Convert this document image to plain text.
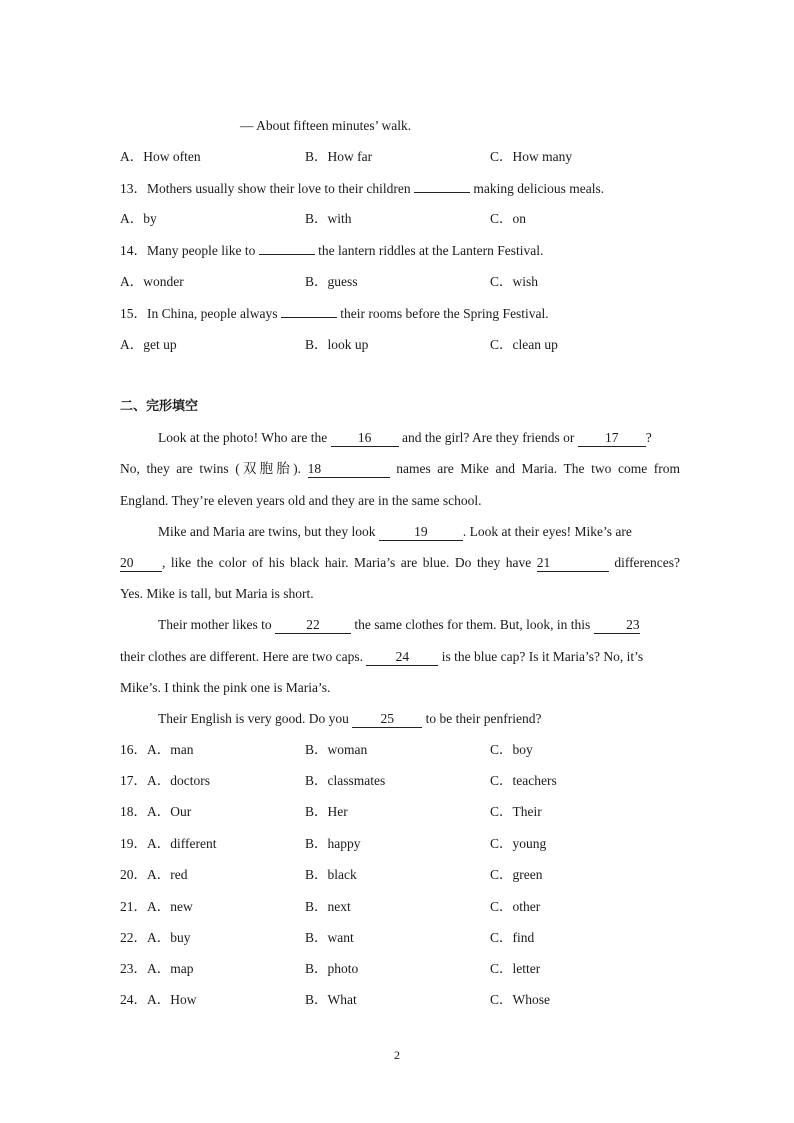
— About fifteen minutes’ walk.
A．How often	B．How far	C．How many
13．Mothers usually show their love to their children	making delicious meals.
A．by	B．with	C．on
14．Many people like to	the lantern riddles at the Lantern Festival.
A．wonder	B．guess	C．wish
15．In China, people always	their rooms before the Spring Festival.
A．get up	B．look up	C．clean up
二、完形填空
Look at the photo! Who are the 16 and the girl? Are they friends or 17 ?
No, they are twins (双胞胎). 18	names are Mike and Maria. The two come from
England. They’re eleven years old and they are in the same school.
Mike and Maria are twins, but they look	19	. Look at their eyes! Mike’s are
20 , like the color of his black hair. Maria’s are blue. Do they have 21	differences?
Yes. Mike is tall, but Maria is short.
Their mother likes to	22	the same clothes for them. But, look, in this	23
their clothes are different. Here are two caps. 24 is the blue cap? Is it Maria’s? No, it’s
Mike’s. I think the pink one is Maria’s.
Their English is very good. Do you 25 to be their penfriend?
16．A．man	B．woman	C．boy
17．A．doctors	B．classmates	C．teachers
18．A．Our	B．Her	C．Their
19．A．different	B．happy	C．young
20．A．red	B．black	C．green
21．A．new	B．next	C．other
22．A．buy	B．want	C．find
23．A．map	B．photo	C．letter
24．A．How	B．What	C．Whose
2
